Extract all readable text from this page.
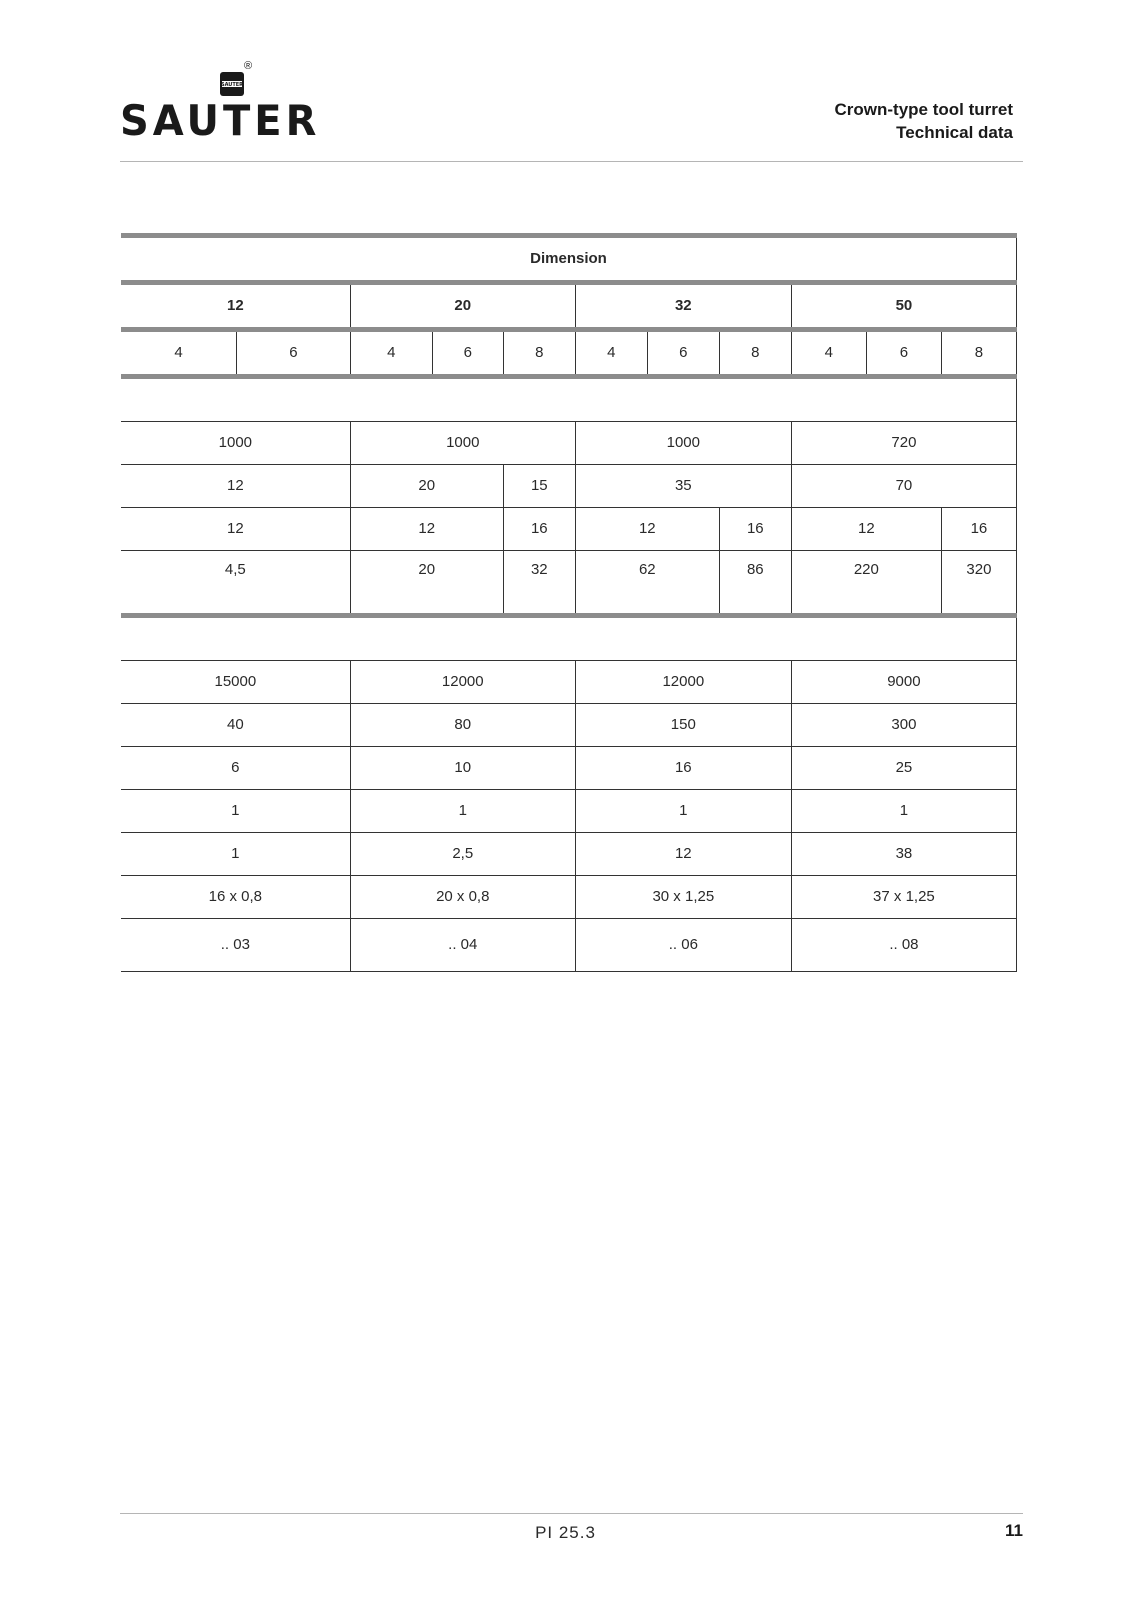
®
SAUTER
SAUTER	Crown-type tool turret
Technical data
Dimension										
12		20			32			50		
4	6	4	6	8	4	6	8	4	6	8

1000		1000			1000			720		
12		20		15	35			70		
12		12		16	12		16	12		16
4,5		20		32	62		86	220		320

15000		12000			12000			9000		
40		80			150			300		
6		10			16			25		
1		1			1			1		
1		2,5			12			38		
16 x 0,8		20 x 0,8			30 x 1,25			37 x 1,25		
.. 03		.. 04			.. 06			.. 08		
PI 25.3	11
